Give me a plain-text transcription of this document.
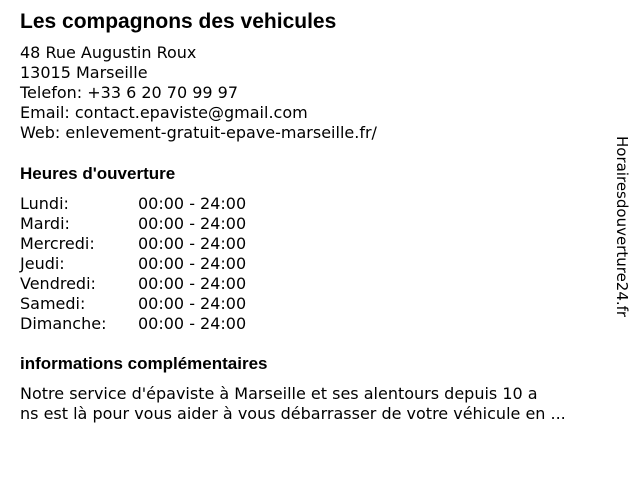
Les compagnons des vehicules
48 Rue Augustin Roux
13015 Marseille
Telefon: +33 6 20 70 99 97
Email: contact.epaviste@gmail.com
Web: enlevement-gratuit-epave-marseille.fr/
Heures d'ouverture
Lundi:	00:00 - 24:00
Mardi:	00:00 - 24:00
Mercredi:	00:00 - 24:00
Jeudi:	00:00 - 24:00
Vendredi:	00:00 - 24:00
Samedi:	00:00 - 24:00
Dimanche:	00:00 - 24:00
informations complémentaires
Notre service d'épaviste à Marseille et ses alentours depuis 10 a
ns est là pour vous aider à vous débarrasser de votre véhicule en ...
Horairesdouverture24.fr
